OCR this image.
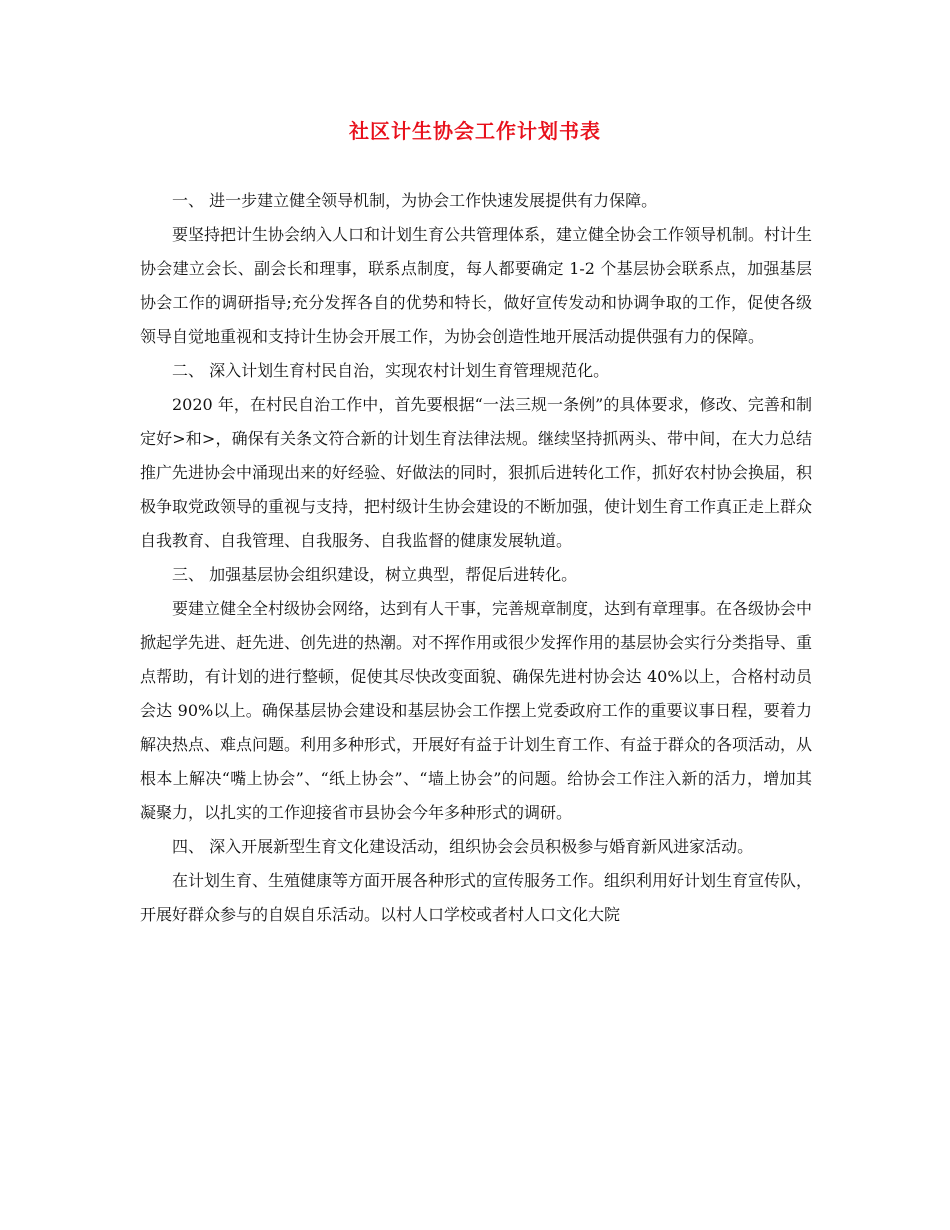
社区计生协会工作计划书表

一、 进一步建立健全领导机制，为协会工作快速发展提供有力保障。

要坚持把计生协会纳入人口和计划生育公共管理体系，建立健全协会工作领导机制。村计生协会建立会长、副会长和理事，联系点制度，每人都要确定 1-2 个基层协会联系点，加强基层协会工作的调研指导;充分发挥各自的优势和特长，做好宣传发动和协调争取的工作，促使各级领导自觉地重视和支持计生协会开展工作，为协会创造性地开展活动提供强有力的保障。

二、 深入计划生育村民自治，实现农村计划生育管理规范化。

2020 年，在村民自治工作中，首先要根据“一法三规一条例”的具体要求，修改、完善和制定好>和>，确保有关条文符合新的计划生育法律法规。继续坚持抓两头、带中间，在大力总结推广先进协会中涌现出来的好经验、好做法的同时，狠抓后进转化工作，抓好农村协会换届，积极争取党政领导的重视与支持，把村级计生协会建设的不断加强，使计划生育工作真正走上群众自我教育、自我管理、自我服务、自我监督的健康发展轨道。

三、 加强基层协会组织建设，树立典型，帮促后进转化。

要建立健全全村级协会网络，达到有人干事，完善规章制度，达到有章理事。在各级协会中掀起学先进、赶先进、创先进的热潮。对不挥作用或很少发挥作用的基层协会实行分类指导、重点帮助，有计划的进行整顿，促使其尽快改变面貌、确保先进村协会达 40%以上，合格村动员会达 90%以上。确保基层协会建设和基层协会工作摆上党委政府工作的重要议事日程，要着力解决热点、难点问题。利用多种形式，开展好有益于计划生育工作、有益于群众的各项活动，从根本上解决“嘴上协会”、“纸上协会”、“墙上协会”的问题。给协会工作注入新的活力，增加其凝聚力，以扎实的工作迎接省市县协会今年多种形式的调研。

四、 深入开展新型生育文化建设活动，组织协会会员积极参与婚育新风进家活动。

在计划生育、生殖健康等方面开展各种形式的宣传服务工作。组织利用好计划生育宣传队，开展好群众参与的自娱自乐活动。以村人口学校或者村人口文化大院
